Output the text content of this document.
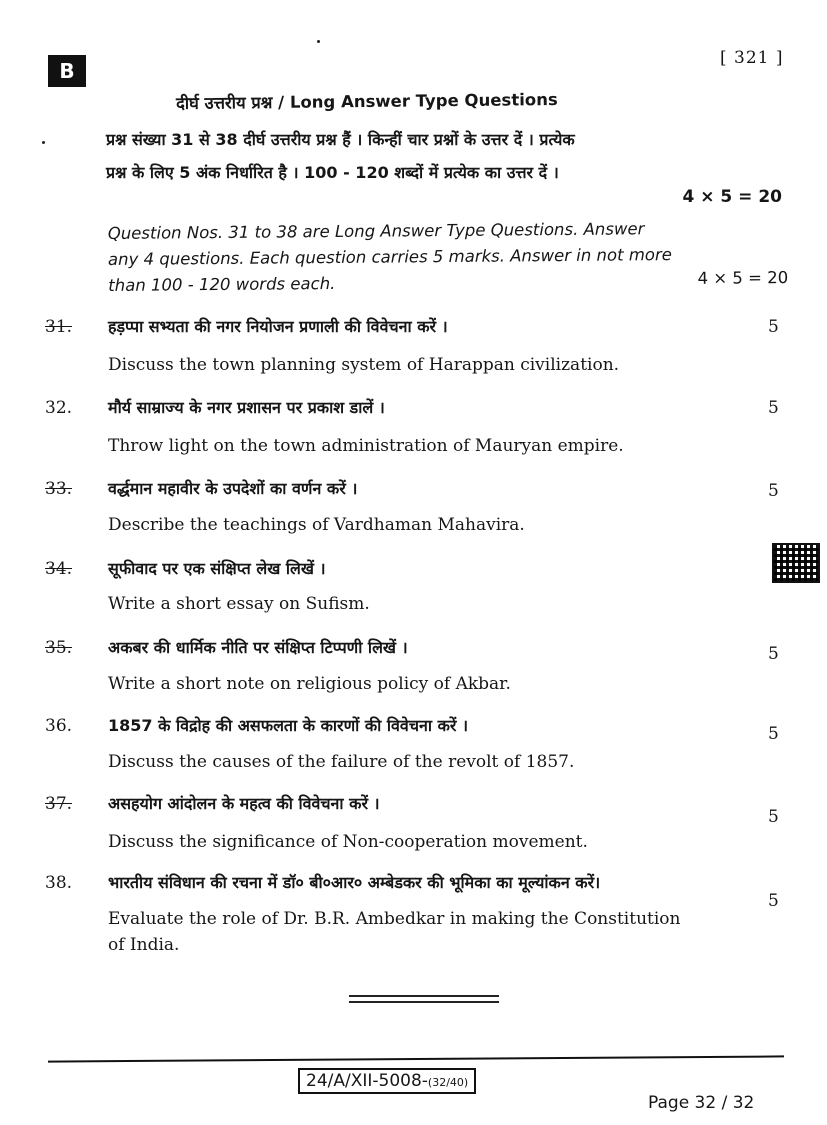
B
[ 321 ]
दीर्घ उत्तरीय प्रश्न / Long Answer Type Questions
प्रश्न संख्या 31 से 38 दीर्घ उत्तरीय प्रश्न हैं । किन्हीं चार प्रश्नों के उत्तर दें । प्रत्येक
प्रश्न के लिए 5 अंक निर्धारित है । 100 - 120 शब्दों में प्रत्येक का उत्तर दें ।
4 × 5 = 20
Question Nos. 31 to 38 are Long Answer Type Questions. Answer
any 4 questions. Each question carries 5 marks. Answer in not more
than 100 - 120 words each.	4 × 5 = 20
31. हड़प्पा सभ्यता की नगर नियोजन प्रणाली की विवेचना करें ।	5
Discuss the town planning system of Harappan civilization.
32. मौर्य साम्राज्य के नगर प्रशासन पर प्रकाश डालें ।	5
Throw light on the town administration of Mauryan empire.
33. वर्द्धमान महावीर के उपदेशों का वर्णन करें ।	5
Describe the teachings of Vardhaman Mahavira.
34. सूफीवाद पर एक संक्षिप्त लेख लिखें ।
Write a short essay on Sufism.
35. अकबर की धार्मिक नीति पर संक्षिप्त टिप्पणी लिखें ।	5
Write a short note on religious policy of Akbar.
36. 1857 के विद्रोह की असफलता के कारणों की विवेचना करें ।	5
Discuss the causes of the failure of the revolt of 1857.
37. असहयोग आंदोलन के महत्व की विवेचना करें ।
5
Discuss the significance of Non-cooperation movement.
38. भारतीय संविधान की रचना में डॉ० बी०आर० अम्बेडकर की भूमिका का मूल्यांकन करें।
5
Evaluate the role of Dr. B.R. Ambedkar in making the Constitution
of India.
24/A/XII-5008-(32/40)
Page 32 / 32
